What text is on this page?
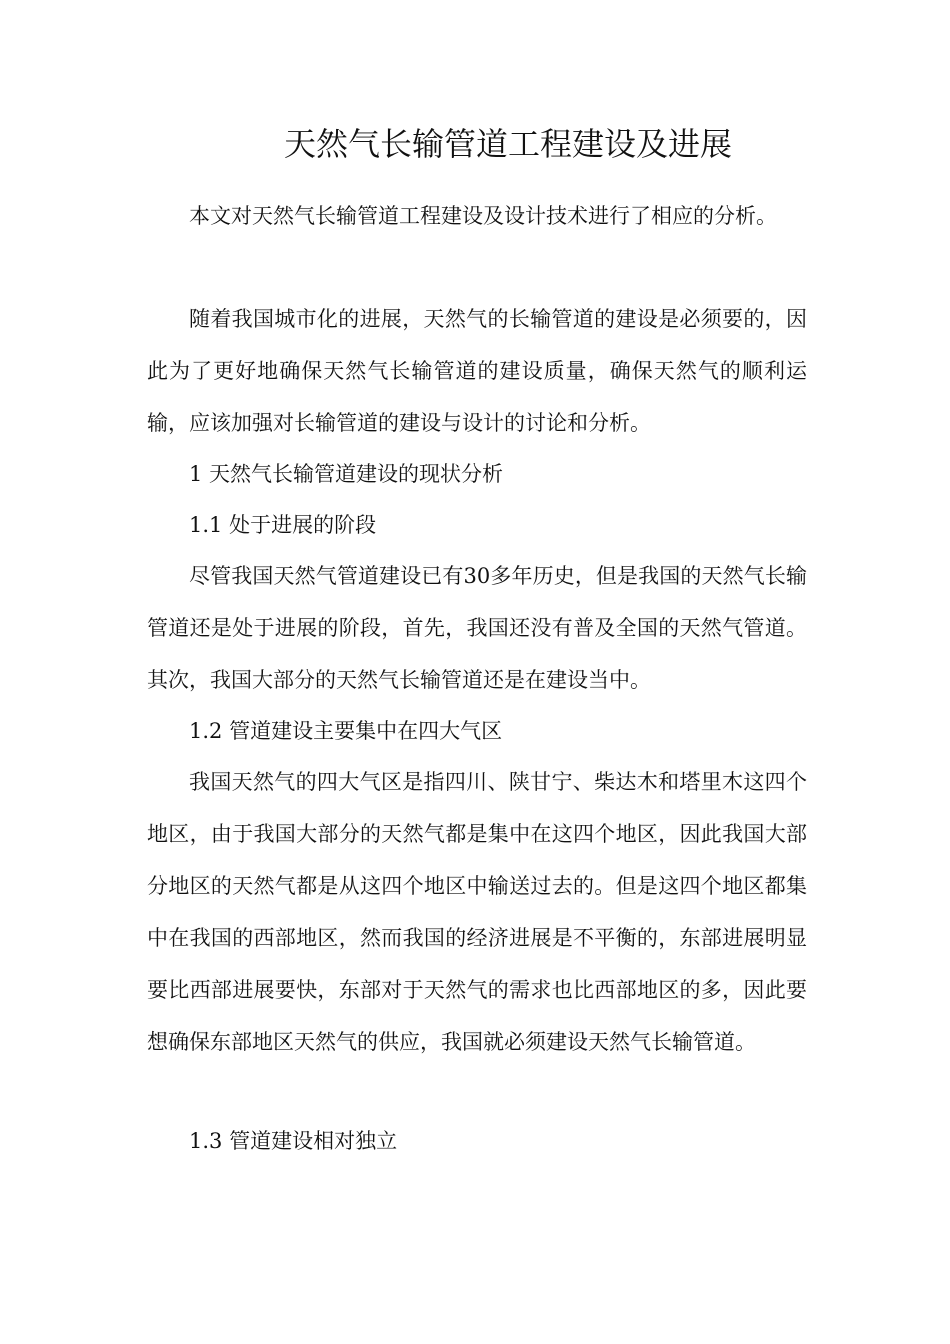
天然气长输管道工程建设及进展

本文对天然气长输管道工程建设及设计技术进行了相应的分析。

随着我国城市化的进展，天然气的长输管道的建设是必须要的，因此为了更好地确保天然气长输管道的建设质量，确保天然气的顺利运输，应该加强对长输管道的建设与设计的讨论和分析。

1 天然气长输管道建设的现状分析

1.1 处于进展的阶段

尽管我国天然气管道建设已有30多年历史，但是我国的天然气长输管道还是处于进展的阶段，首先，我国还没有普及全国的天然气管道。其次，我国大部分的天然气长输管道还是在建设当中。

1.2 管道建设主要集中在四大气区

我国天然气的四大气区是指四川、陕甘宁、柴达木和塔里木这四个地区，由于我国大部分的天然气都是集中在这四个地区，因此我国大部分地区的天然气都是从这四个地区中输送过去的。但是这四个地区都集中在我国的西部地区，然而我国的经济进展是不平衡的，东部进展明显要比西部进展要快，东部对于天然气的需求也比西部地区的多，因此要想确保东部地区天然气的供应，我国就必须建设天然气长输管道。

1.3 管道建设相对独立
